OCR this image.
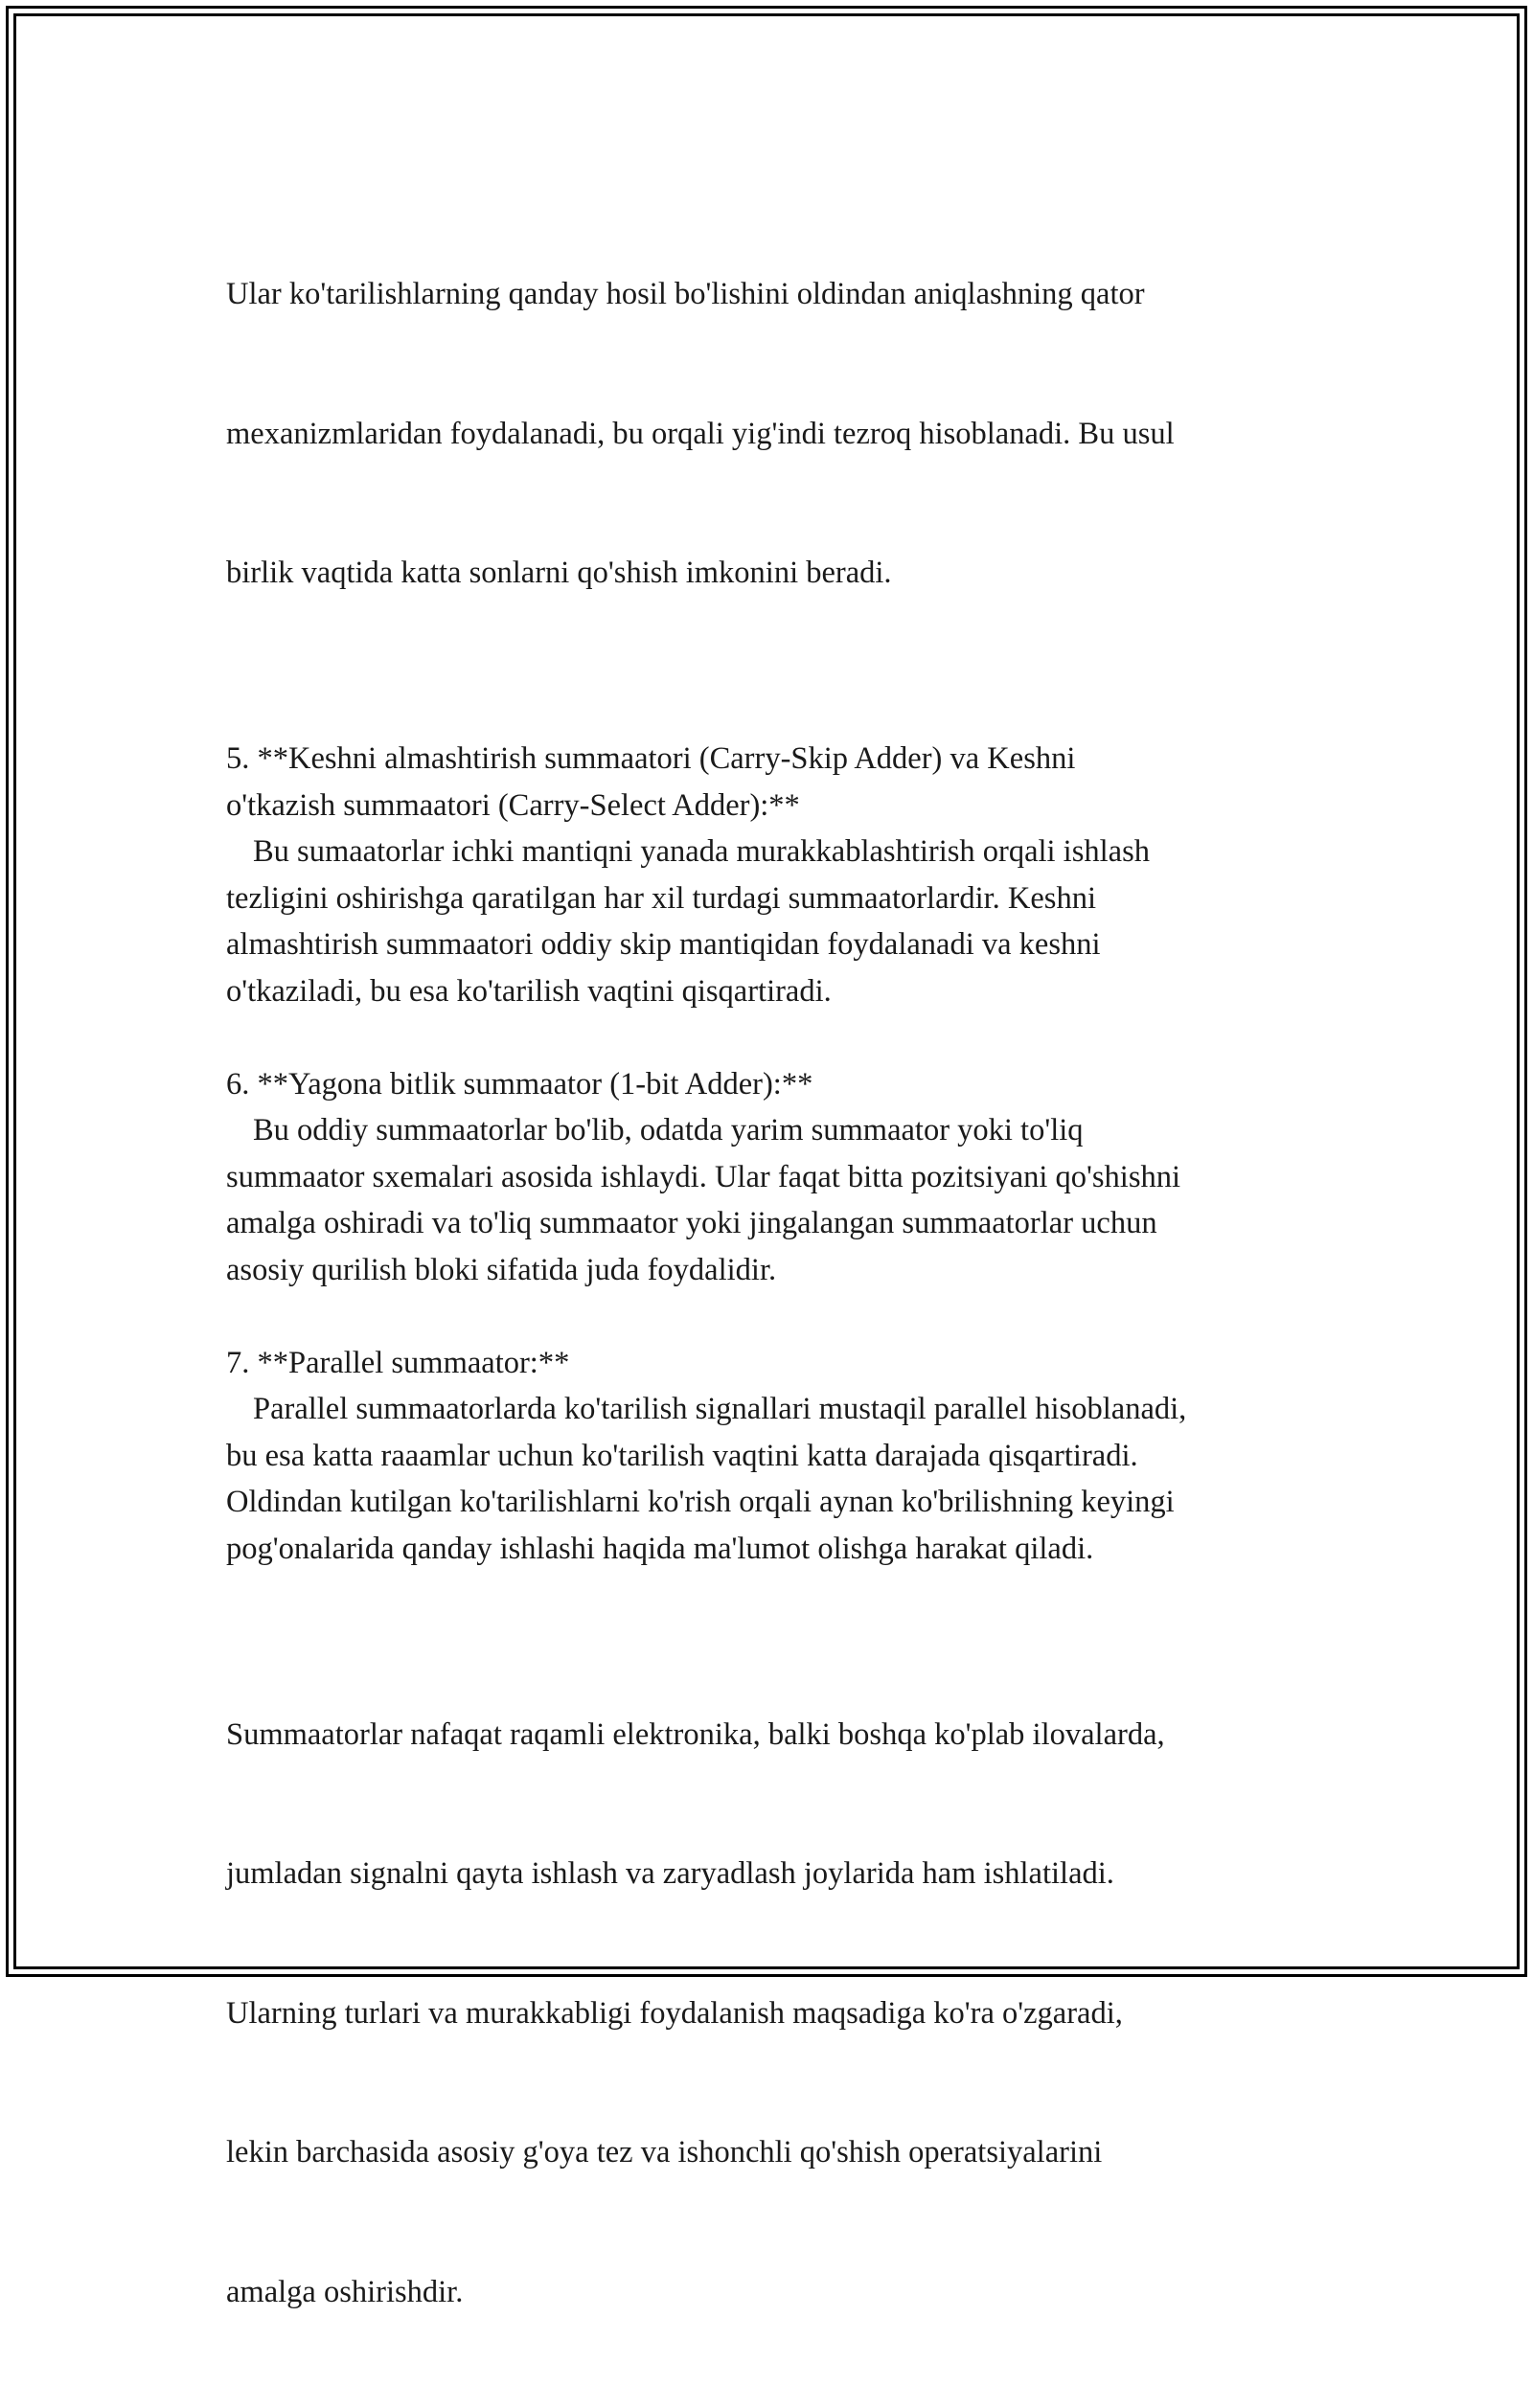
Ular ko'tarilishlarning qanday hosil bo'lishini oldindan aniqlashning qator

mexanizmlaridan foydalanadi, bu orqali yig'indi tezroq hisoblanadi. Bu usul

birlik vaqtida katta sonlarni qo'shish imkonini beradi.

5. **Keshni almashtirish summaatori (Carry-Skip Adder) va Keshni
o'tkazish summaatori (Carry-Select Adder):**
Bu sumaatorlar ichki mantiqni yanada murakkablashtirish orqali ishlash
tezligini oshirishga qaratilgan har xil turdagi summaatorlardir. Keshni
almashtirish summaatori oddiy skip mantiqidan foydalanadi va keshni
o'tkaziladi, bu esa ko'tarilish vaqtini qisqartiradi.
6. **Yagona bitlik summaator (1-bit Adder):**
Bu oddiy summaatorlar bo'lib, odatda yarim summaator yoki to'liq
summaator sxemalari asosida ishlaydi. Ular faqat bitta pozitsiyani qo'shishni
amalga oshiradi va to'liq summaator yoki jingalangan summaatorlar uchun
asosiy qurilish bloki sifatida juda foydalidir.
7. **Parallel summaator:**
Parallel summaatorlarda ko'tarilish signallari mustaqil parallel hisoblanadi,
bu esa katta raaamlar uchun ko'tarilish vaqtini katta darajada qisqartiradi.
Oldindan kutilgan ko'tarilishlarni ko'rish orqali aynan ko'brilishning keyingi
pog'onalarida qanday ishlashi haqida ma'lumot olishga harakat qiladi.

Summaatorlar nafaqat raqamli elektronika, balki boshqa ko'plab ilovalarda,

jumladan signalni qayta ishlash va zaryadlash joylarida ham ishlatiladi.

Ularning turlari va murakkabligi foydalanish maqsadiga ko'ra o'zgaradi,

lekin barchasida asosiy g'oya tez va ishonchli qo'shish operatsiyalarini

amalga oshirishdir.
